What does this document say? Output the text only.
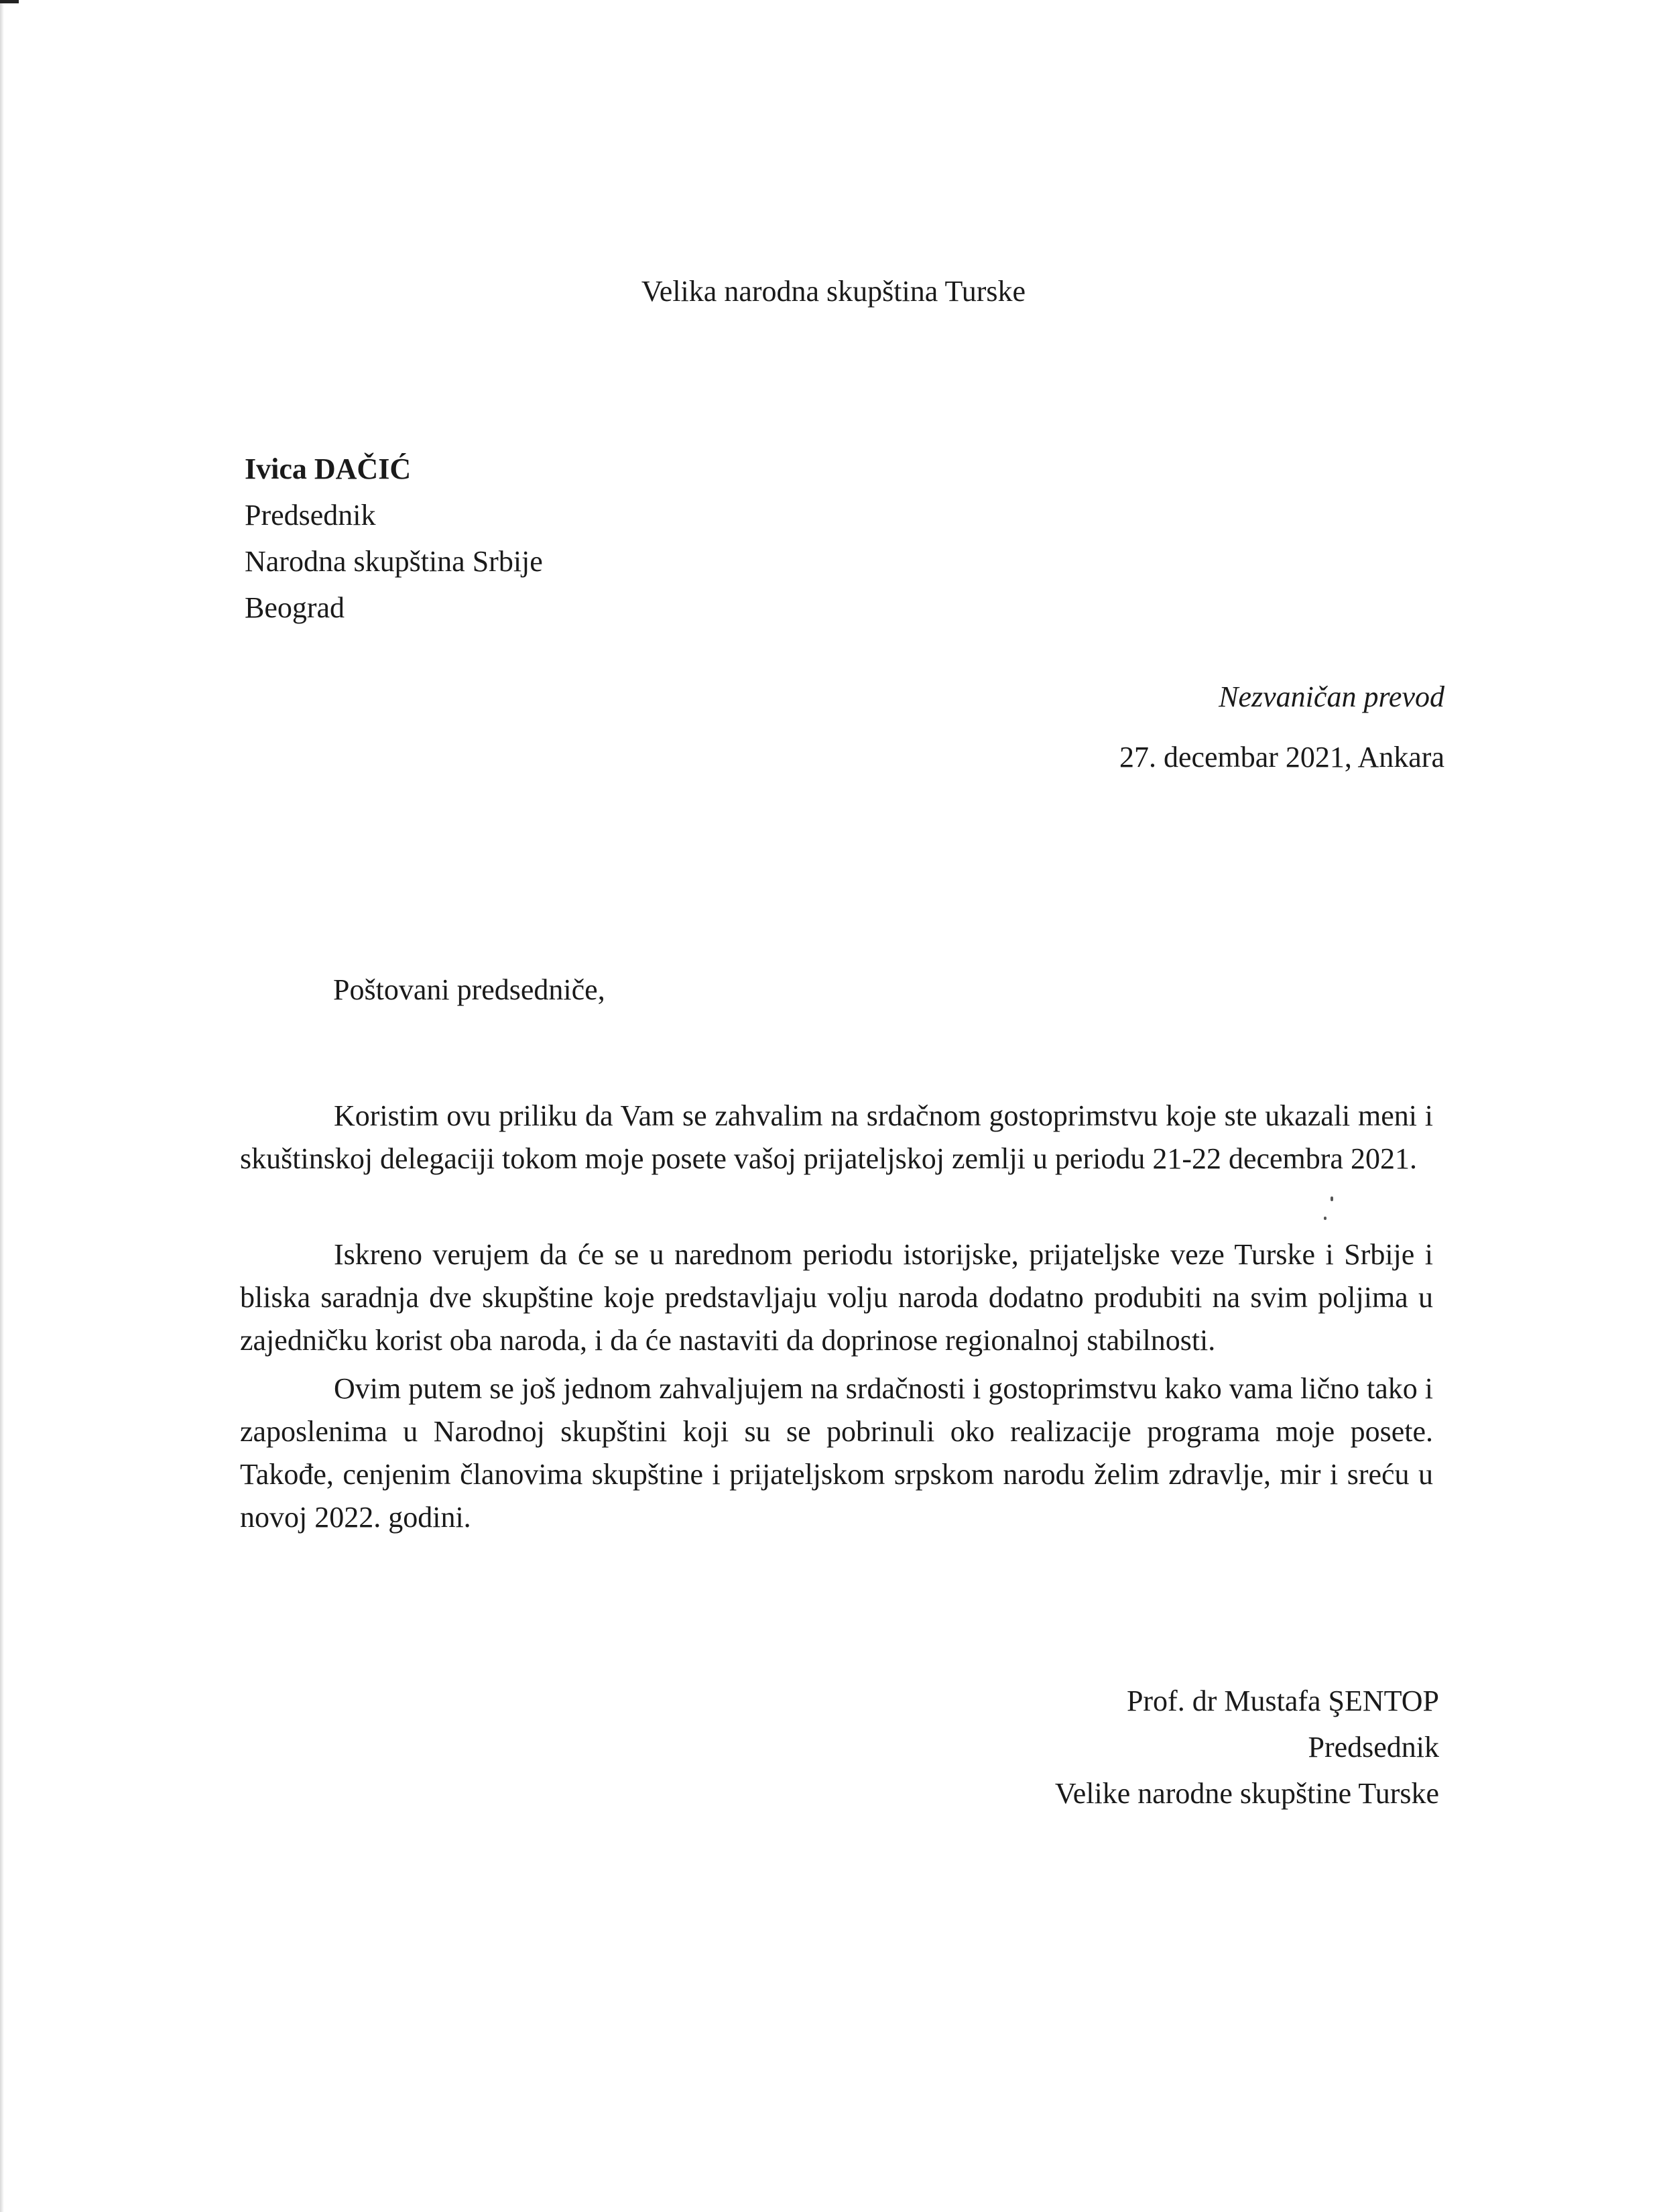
Velika narodna skupština Turske
Ivica DAČIĆ
Predsednik
Narodna skupština Srbije
Beograd
Nezvaničan prevod
27. decembar 2021, Ankara
Poštovani predsedniče,

Koristim ovu priliku da Vam se zahvalim na srdačnom gostoprimstvu koje ste ukazali meni i skuštinskoj delegaciji tokom moje posete vašoj prijateljskoj zemlji u periodu 21-22 decembra 2021.

Iskreno verujem da će se u narednom periodu istorijske, prijateljske veze Turske i Srbije i bliska saradnja dve skupštine koje predstavljaju volju naroda dodatno produbiti na svim poljima u zajedničku korist oba naroda, i da će nastaviti da doprinose regionalnoj stabilnosti.

Ovim putem se još jednom zahvaljujem na srdačnosti i gostoprimstvu kako vama lično tako i zaposlenima u Narodnoj skupštini koji su se pobrinuli oko realizacije programa moje posete. Takođe, cenjenim članovima skupštine i prijateljskom srpskom narodu želim zdravlje, mir i sreću u novoj 2022. godini.

Prof. dr Mustafa ŞENTOP
Predsednik
Velike narodne skupštine Turske
